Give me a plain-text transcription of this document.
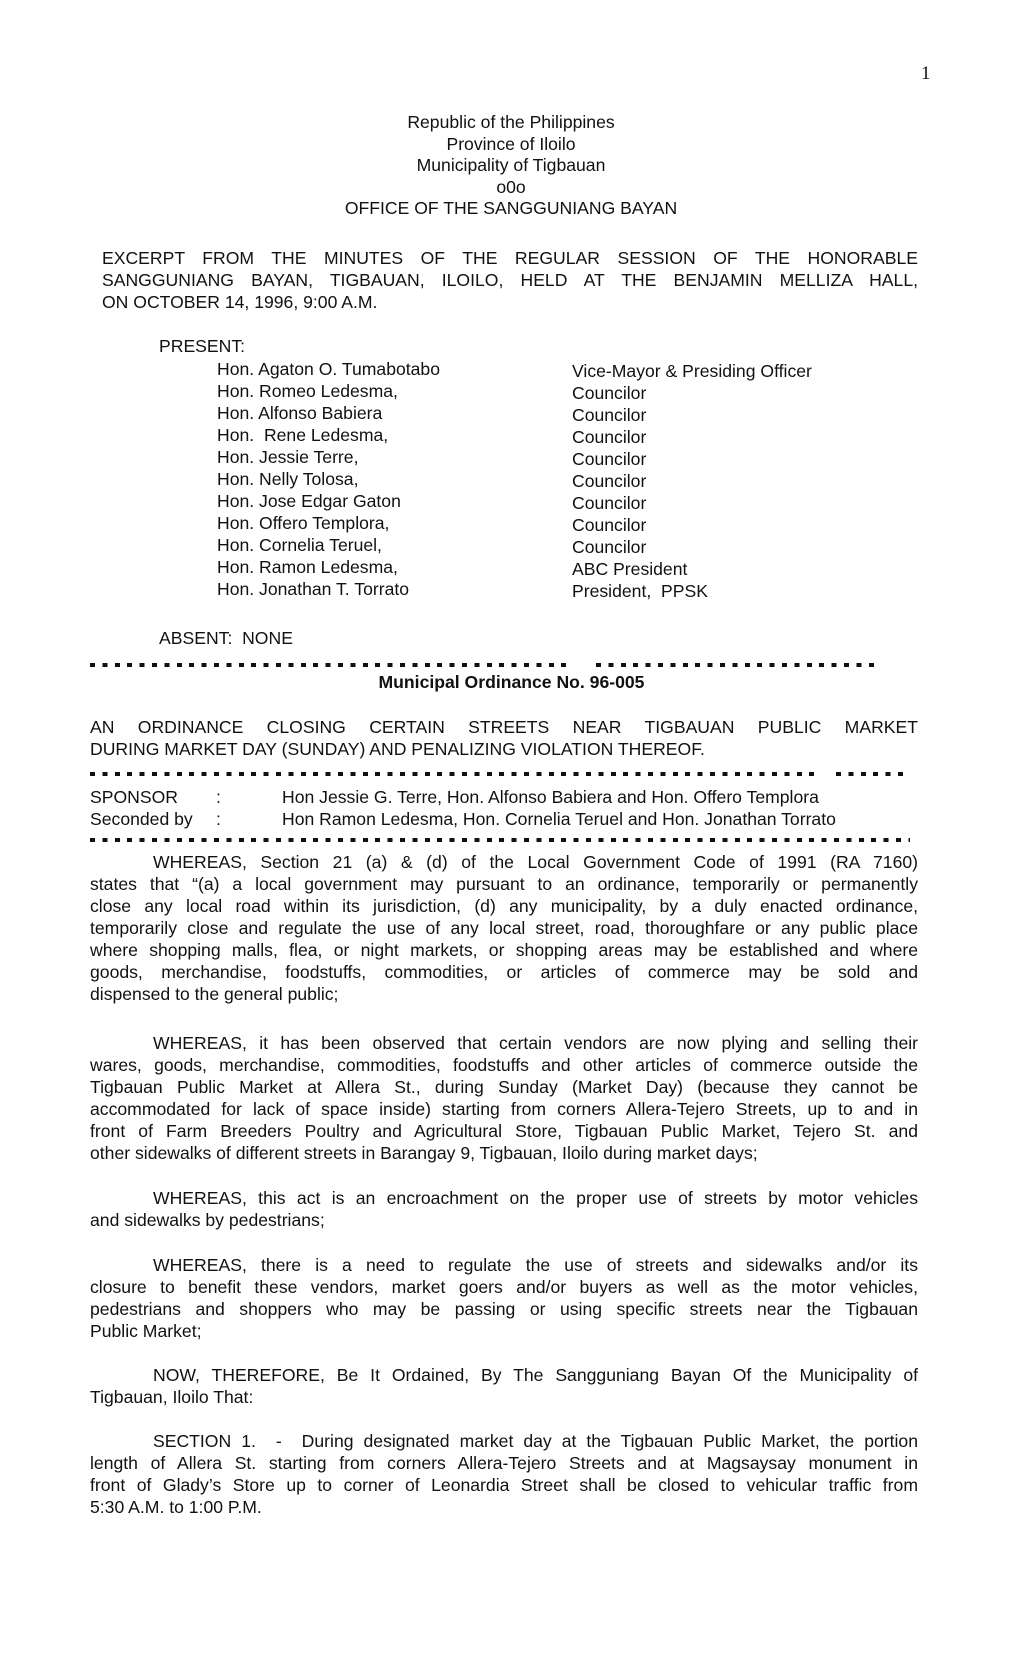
1
Republic of the Philippines
Province of Iloilo
Municipality of Tigbauan
o0o
OFFICE OF THE SANGGUNIANG BAYAN
EXCERPT FROM THE MINUTES OF THE REGULAR SESSION OF THE HONORABLE
SANGGUNIANG BAYAN, TIGBAUAN, ILOILO, HELD AT THE BENJAMIN MELLIZA HALL,
ON OCTOBER 14, 1996, 9:00 A.M.
PRESENT:
Hon. Agaton O. Tumabotabo	Vice-Mayor & Presiding Officer
Hon. Romeo Ledesma,	Councilor
Hon. Alfonso Babiera	Councilor
Hon.  Rene Ledesma,	Councilor
Hon. Jessie Terre,	Councilor
Hon. Nelly Tolosa,	Councilor
Hon. Jose Edgar Gaton	Councilor
Hon. Offero Templora,	Councilor
Hon. Cornelia Teruel,	Councilor
Hon. Ramon Ledesma,	ABC President
Hon. Jonathan T. Torrato	President,  PPSK
ABSENT:  NONE
Municipal Ordinance No. 96-005
AN ORDINANCE CLOSING CERTAIN STREETS NEAR TIGBAUAN PUBLIC MARKET
DURING MARKET DAY (SUNDAY) AND PENALIZING VIOLATION THEREOF.
SPONSOR	:	Hon Jessie G. Terre, Hon. Alfonso Babiera and Hon. Offero Templora
Seconded by	:	Hon Ramon Ledesma, Hon. Cornelia Teruel and Hon. Jonathan Torrato
WHEREAS, Section 21 (a) & (d) of the Local Government Code of 1991 (RA 7160)
states that “(a) a local government may pursuant to an ordinance, temporarily or permanently
close any local road within its jurisdiction, (d) any municipality, by a duly enacted ordinance,
temporarily close and regulate the use of any local street, road, thoroughfare or any public place
where shopping malls, flea, or night markets, or shopping areas may be established and where
goods, merchandise, foodstuffs, commodities, or articles of commerce may be sold and
dispensed to the general public;
WHEREAS, it has been observed that certain vendors are now plying and selling their
wares, goods, merchandise, commodities, foodstuffs and other articles of commerce outside the
Tigbauan Public Market at Allera St., during Sunday (Market Day) (because they cannot be
accommodated for lack of space inside) starting from corners Allera-Tejero Streets, up to and in
front of Farm Breeders Poultry and Agricultural Store, Tigbauan Public Market, Tejero St. and
other sidewalks of different streets in Barangay 9, Tigbauan, Iloilo during market days;
WHEREAS, this act is an encroachment on the proper use of streets by motor vehicles
and sidewalks by pedestrians;
WHEREAS, there is a need to regulate the use of streets and sidewalks and/or its
closure to benefit these vendors, market goers and/or buyers as well as the motor vehicles,
pedestrians and shoppers who may be passing or using specific streets near the Tigbauan
Public Market;
NOW, THEREFORE, Be It Ordained, By The Sangguniang Bayan Of the Municipality of
Tigbauan, Iloilo That:
SECTION 1.  -  During designated market day at the Tigbauan Public Market, the portion
length of Allera St. starting from corners Allera-Tejero Streets and at Magsaysay monument in
front of Glady’s Store up to corner of Leonardia Street shall be closed to vehicular traffic from
5:30 A.M. to 1:00 P.M.
